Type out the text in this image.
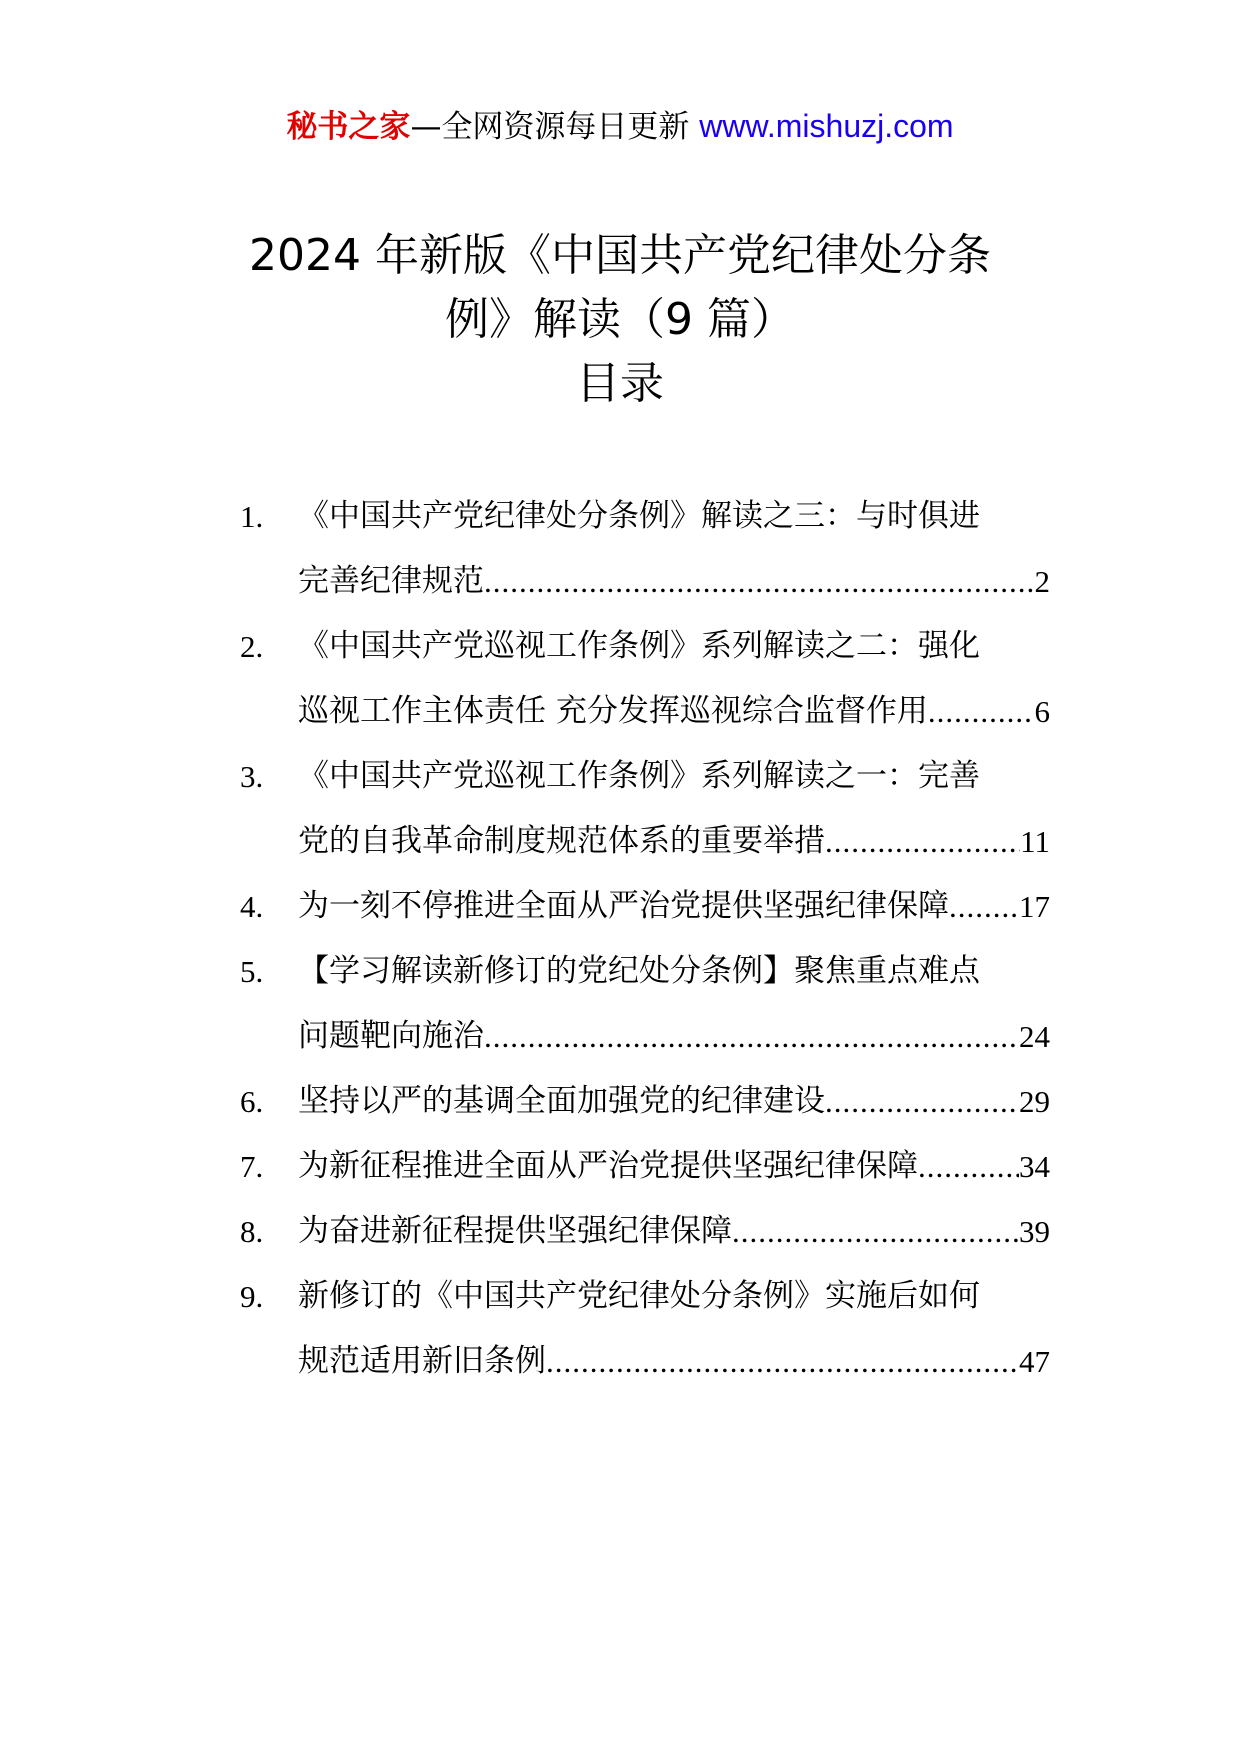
秘书之家—全网资源每日更新 www.mishuzj.com
2024 年新版《中国共产党纪律处分条
例》解读（9 篇）
目录
1.	《中国共产党纪律处分条例》解读之三：与时俱进
完善纪律规范 .....	2
2.	《中国共产党巡视工作条例》系列解读之二：强化
巡视工作主体责任 充分发挥巡视综合监督作用 .....	6
3.	《中国共产党巡视工作条例》系列解读之一：完善
党的自我革命制度规范体系的重要举措 .....	11
4.	为一刻不停推进全面从严治党提供坚强纪律保障 ..... 17
5.	【学习解读新修订的党纪处分条例】聚焦重点难点
问题靶向施治 .....	24
6.	坚持以严的基调全面加强党的纪律建设 .....	29
7.	为新征程推进全面从严治党提供坚强纪律保障 .....	34
8.	为奋进新征程提供坚强纪律保障 .....	39
9.	新修订的《中国共产党纪律处分条例》实施后如何
规范适用新旧条例 .....	47
